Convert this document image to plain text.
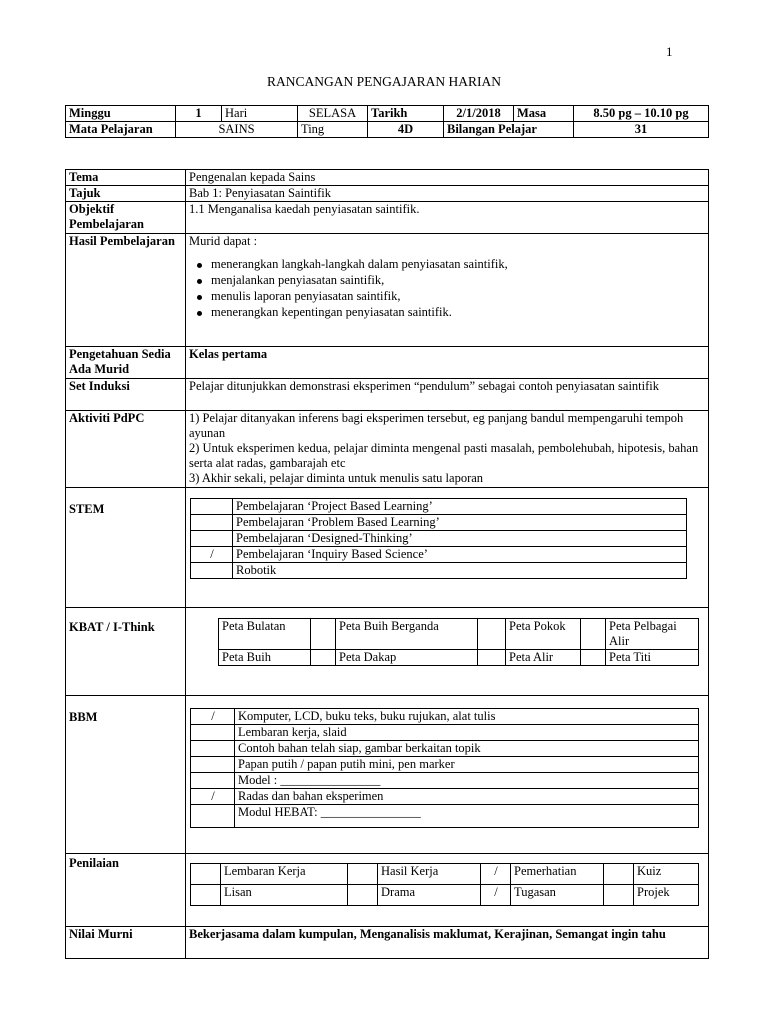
1
RANCANGAN PENGAJARAN HARIAN
Minggu	1	Hari	SELASA	Tarikh	2/1/2018	Masa	8.50 pg – 10.10 pg
Mata Pelajaran	SAINS		Ting	4D	Bilangan Pelajar		31
Tema	Pengenalan kepada Sains
Tajuk	Bab 1: Penyiasatan Saintifik
Objektif Pembelajaran	1.1 Menganalisa kaedah penyiasatan saintifik.
Hasil Pembelajaran	Murid dapat :
menerangkan langkah-langkah dalam penyiasatan saintifik,
menjalankan penyiasatan saintifik,
menulis laporan penyiasatan saintifik,
menerangkan kepentingan penyiasatan saintifik.

Pengetahuan Sedia Ada Murid	Kelas pertama
Set Induksi	Pelajar ditunjukkan demonstrasi eksperimen “pendulum” sebagai contoh penyiasatan saintifik
Aktiviti PdPC	1) Pelajar ditanyakan inferens bagi eksperimen tersebut, eg panjang bandul mempengaruhi tempoh ayunan
2) Untuk eksperimen kedua, pelajar diminta mengenal pasti masalah, pembolehubah, hipotesis, bahan serta alat radas, gambarajah etc
3) Akhir sekali, pelajar diminta untuk menulis satu laporan

STEM	
		Pembelajaran ‘Project Based Learning’
	Pembelajaran ‘Problem Based Learning’
	Pembelajaran ‘Designed-Thinking’
/	Pembelajaran ‘Inquiry Based Science’
	Robotik

KBAT / I-Think		Peta Bulatan		Peta Buih Berganda		Peta Pokok		Peta Pelbagai Alir
Peta Buih		Peta Dakap		Peta Alir		Peta Titi

BBM		/	Komputer, LCD, buku teks, buku rujukan, alat tulis
	Lembaran kerja, slaid
	Contoh bahan telah siap, gambar berkaitan topik
	Papan putih / papan putih mini, pen marker
	Model : ________________
/	Radas dan bahan eksperimen
	Modul HEBAT: ________________

Penilaian	
	Lembaran Kerja		Hasil Kerja	/	Pemerhatian		Kuiz
	Lisan		Drama	/	Tugasan		Projek

Nilai Murni	Bekerjasama dalam kumpulan, Menganalisis maklumat, Kerajinan, Semangat ingin tahu
